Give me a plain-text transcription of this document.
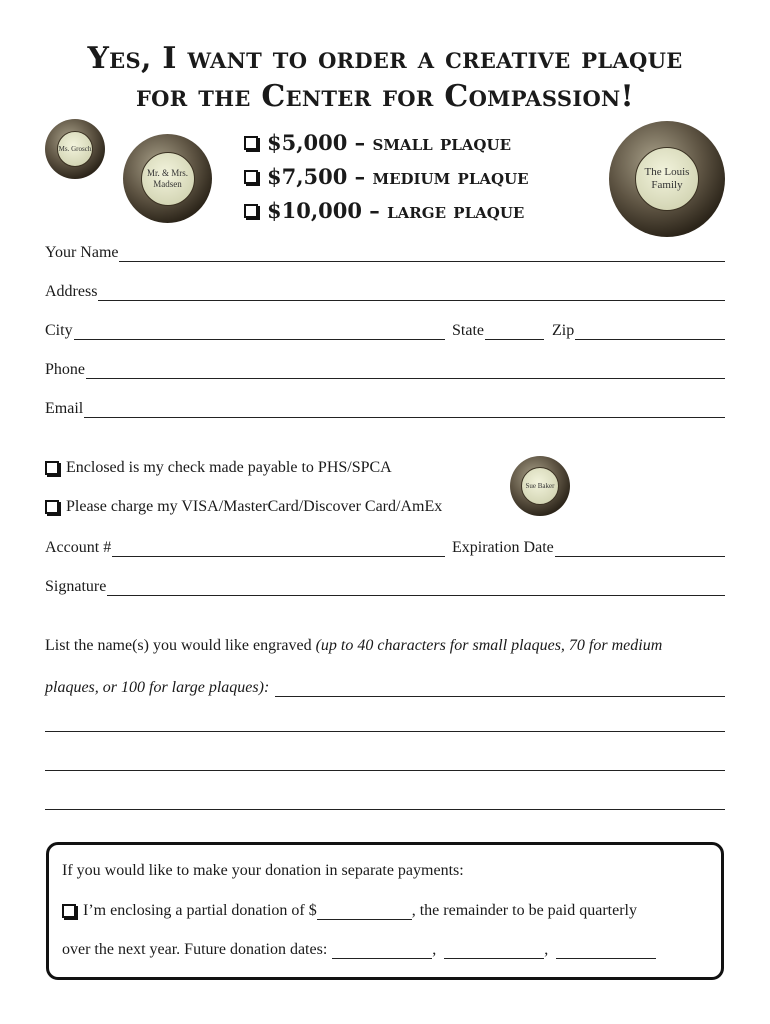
Yes, I want to order a creative plaque
for the Center for Compassion!
$5,000 – small plaque
$7,500 – medium plaque
$10,000 – large plaque
Ms. Grosch
Mr. & Mrs. Madsen
The Louis Family
Sue Baker
Your Name
Address
City	State	Zip
Phone
Email
Enclosed is my check made payable to PHS/SPCA
Please charge my VISA/MasterCard/Discover Card/AmEx
Account #	Expiration Date
Signature
List the name(s) you would like engraved (up to 40 characters for small plaques, 70 for medium
plaques, or 100 for large plaques):
If you would like to make your donation in separate payments:
I’m enclosing a partial donation of $	, the remainder to be paid quarterly
over the next year. Future donation dates:	,	,
